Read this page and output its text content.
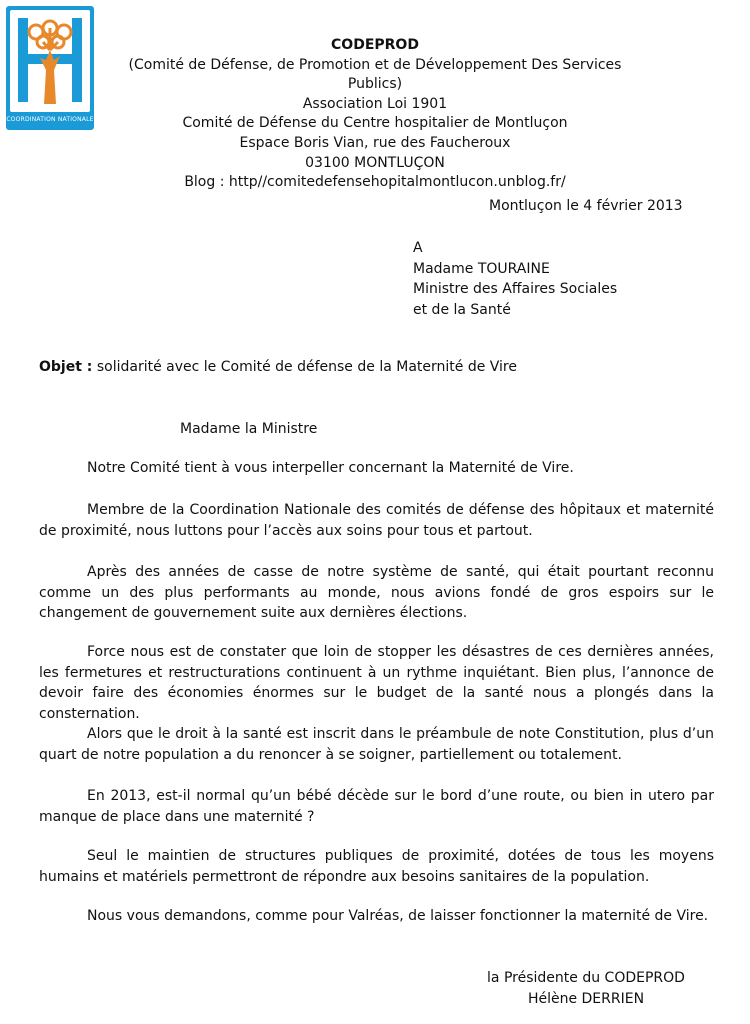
COORDINATION NATIONALE
CODEPROD
(Comité de Défense, de Promotion et de Développement Des Services Publics)
Association Loi 1901
Comité de Défense du Centre hospitalier de Montluçon
Espace Boris Vian, rue des Faucheroux
03100 MONTLUÇON
Blog : http//comitedefensehopitalmontlucon.unblog.fr/
Montluçon le 4 février 2013
A
Madame TOURAINE
Ministre des Affaires Sociales
et de la Santé
Objet : solidarité avec le Comité de défense de la Maternité de Vire
Madame la Ministre

Notre Comité tient à vous interpeller concernant la Maternité de Vire.

Membre de la Coordination Nationale des comités de défense des hôpitaux et maternité de proximité, nous luttons pour l’accès aux soins pour tous et partout.

Après des années de casse de notre système de santé, qui était pourtant reconnu comme un des plus performants au monde, nous avions fondé de gros espoirs sur le changement de gouvernement suite aux dernières élections.

Force nous est de constater que loin de stopper les désastres de ces dernières années, les fermetures et restructurations continuent à un rythme inquiétant. Bien plus, l’annonce de devoir faire des économies énormes sur le budget de la santé nous a plongés dans la consternation.

Alors que le droit à la santé est inscrit dans le préambule de note Constitution, plus d’un quart de notre population a du renoncer à se soigner, partiellement ou totalement.

En 2013, est-il normal qu’un bébé décède sur le bord d’une route, ou bien in utero par manque de place dans une maternité ?

Seul le maintien de structures publiques de proximité, dotées de tous les moyens humains et matériels permettront de répondre aux besoins sanitaires de la population.

Nous vous demandons, comme pour Valréas, de laisser fonctionner la maternité de Vire.

la Présidente du CODEPROD
Hélène DERRIEN
